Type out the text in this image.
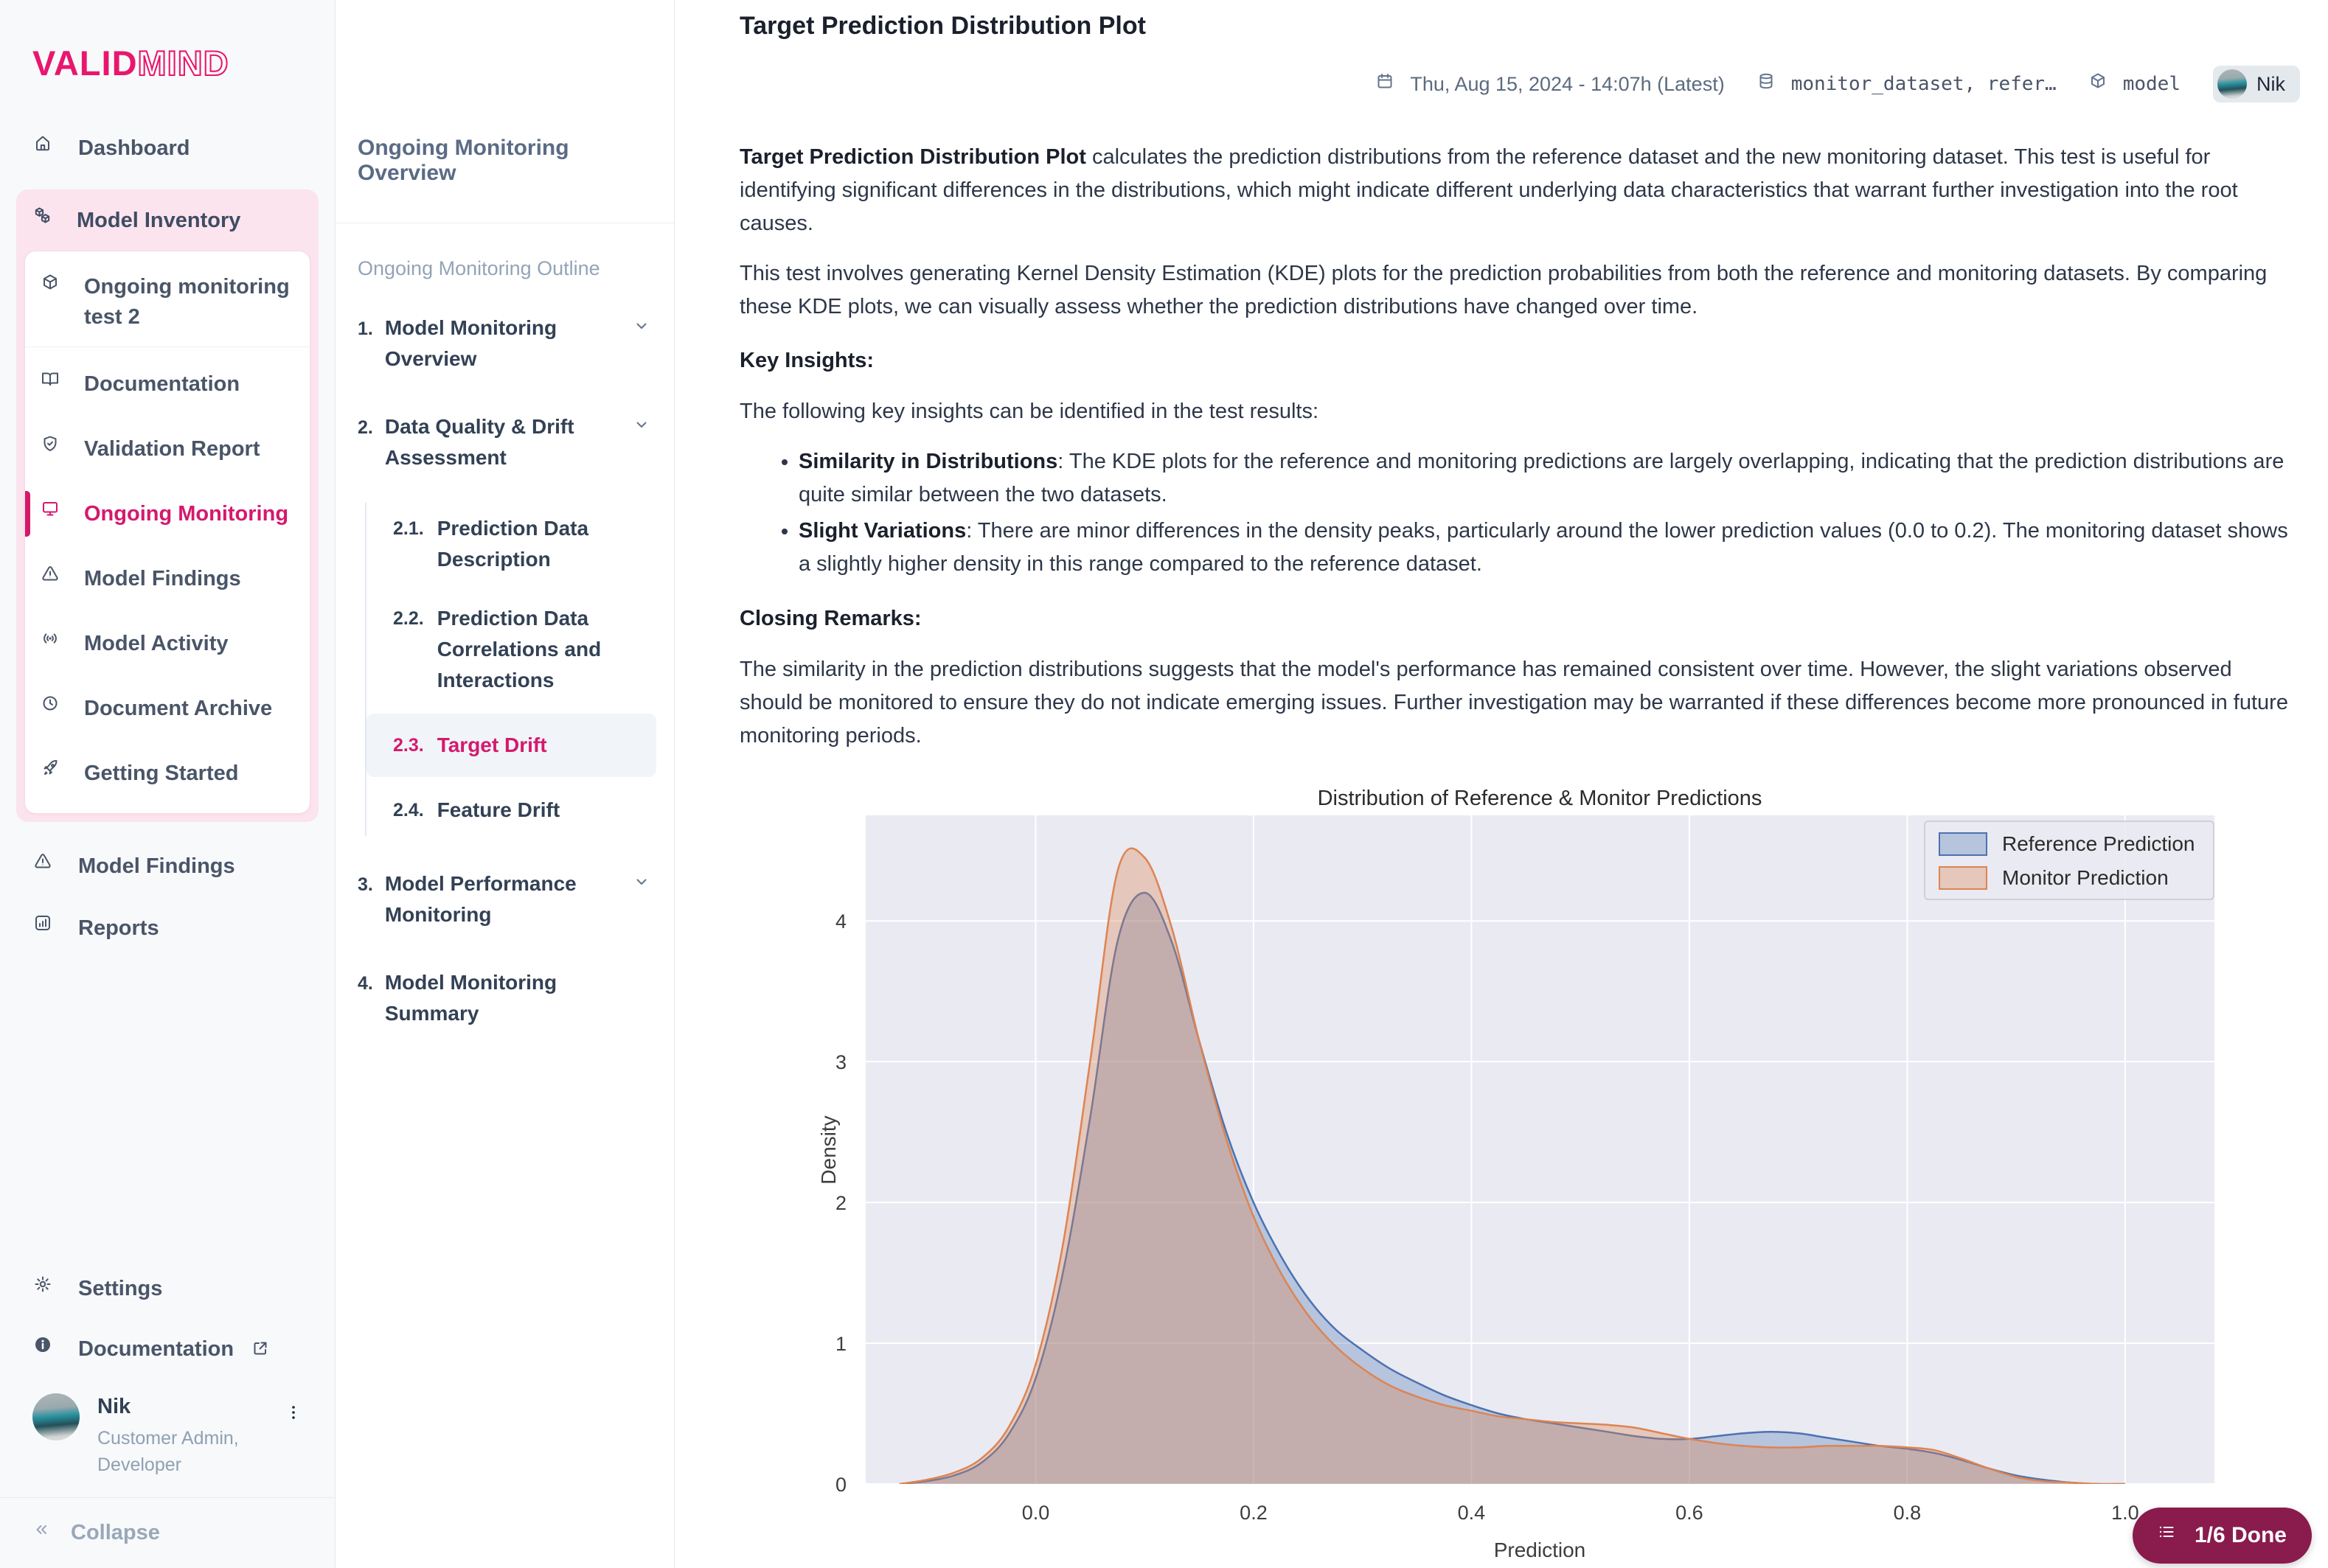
VALIDMIND
Dashboard
Model Inventory
Ongoing monitoring test 2
Documentation
Validation Report
Ongoing Monitoring
Model Findings
Model Activity
Document Archive
Getting Started
Model Findings
Reports
Settings
Documentation
Nik
Customer Admin,
Developer
Collapse
Ongoing Monitoring Overview
Ongoing Monitoring Outline
1. Model Monitoring Overview
2. Data Quality & Drift Assessment
2.1. Prediction Data Description
2.2. Prediction Data Correlations and Interactions
2.3. Target Drift
2.4. Feature Drift
3. Model Performance Monitoring
4. Model Monitoring Summary
Target Prediction Distribution Plot
Thu, Aug 15, 2024 - 14:07h (Latest)	monitor_dataset, refer…	model	Nik

Target Prediction Distribution Plot calculates the prediction distributions from the reference dataset and the new monitoring dataset. This test is useful for identifying significant differences in the distributions, which might indicate different underlying data characteristics that warrant further investigation into the root causes.

This test involves generating Kernel Density Estimation (KDE) plots for the prediction probabilities from both the reference and monitoring datasets. By comparing these KDE plots, we can visually assess whether the prediction distributions have changed over time.

Key Insights:

The following key insights can be identified in the test results:

• Similarity in Distributions: The KDE plots for the reference and monitoring predictions are largely overlapping, indicating that the prediction distributions are quite similar between the two datasets.
• Slight Variations: There are minor differences in the density peaks, particularly around the lower prediction values (0.0 to 0.2). The monitoring dataset shows a slightly higher density in this range compared to the reference dataset.
Closing Remarks:

The similarity in the prediction distributions suggests that the model's performance has remained consistent over time. However, the slight variations observed should be monitored to ensure they do not indicate emerging issues. Further investigation may be warranted if these differences become more pronounced in future monitoring periods.

Distribution of Reference & Monitor Predictions
0
1
2
3
4
0.0	0.2	0.4	0.6	0.8	1.0
Density
Prediction
Reference Prediction
Monitor Prediction
1/6 Done
